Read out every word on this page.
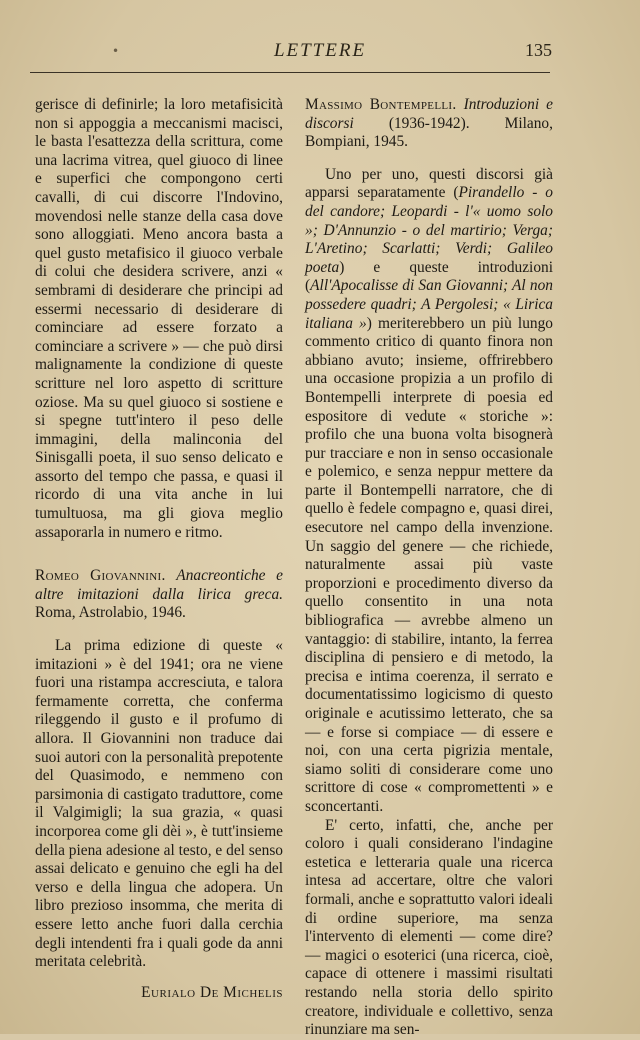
•	LETTERE	135

gerisce di definirle; la loro metafisicità non si appoggia a meccanismi macisci, le basta l'esattezza della scrittura, come una lacrima vitrea, quel giuoco di linee e superfici che compongono certi cavalli, di cui discorre l'Indovino, movendosi nelle stanze della casa dove sono alloggiati. Meno ancora basta a quel gusto metafisico il giuoco verbale di colui che desidera scrivere, anzi « sembrami di desiderare che principi ad essermi necessario di desiderare di cominciare ad essere forzato a cominciare a scrivere » — che può dirsi malignamente la condizione di queste scritture nel loro aspetto di scritture oziose. Ma su quel giuoco si sostiene e si spegne tutt'intero il peso delle immagini, della malinconia del Sinisgalli poeta, il suo senso delicato e assorto del tempo che passa, e quasi il ricordo di una vita anche in lui tumultuosa, ma gli giova meglio assaporarla in numero e ritmo.

Romeo Giovannini. Anacreontiche e altre imitazioni dalla lirica greca. Roma, Astrolabio, 1946.

La prima edizione di queste « imitazioni » è del 1941; ora ne viene fuori una ristampa accresciuta, e talora fermamente corretta, che conferma rileggendo il gusto e il profumo di allora. Il Giovannini non traduce dai suoi autori con la personalità prepotente del Quasimodo, e nemmeno con parsimonia di castigato traduttore, come il Valgimigli; la sua grazia, « quasi incorporea come gli dèi », è tutt'insieme della piena adesione al testo, e del senso assai delicato e genuino che egli ha del verso e della lingua che adopera. Un libro prezioso insomma, che merita di essere letto anche fuori dalla cerchia degli intendenti fra i quali gode da anni meritata celebrità.

Eurialo De Michelis

Massimo Bontempelli. Introduzioni e discorsi (1936-1942). Milano, Bompiani, 1945.

Uno per uno, questi discorsi già apparsi separatamente (Pirandello - o del candore; Leopardi - l'« uomo solo »; D'Annunzio - o del martirio; Verga; L'Aretino; Scarlatti; Verdi; Galileo poeta) e queste introduzioni (All'Apocalisse di San Giovanni; Al non possedere quadri; A Pergolesi; « Lirica italiana ») meriterebbero un più lungo commento critico di quanto finora non abbiano avuto; insieme, offrirebbero una occasione propizia a un profilo di Bontempelli interprete di poesia ed espositore di vedute « storiche »: profilo che una buona volta bisognerà pur tracciare e non in senso occasionale e polemico, e senza neppur mettere da parte il Bontempelli narratore, che di quello è fedele compagno e, quasi direi, esecutore nel campo della invenzione. Un saggio del genere — che richiede, naturalmente assai più vaste proporzioni e procedimento diverso da quello consentito in una nota bibliografica — avrebbe almeno un vantaggio: di stabilire, intanto, la ferrea disciplina di pensiero e di metodo, la precisa e intima coerenza, il serrato e documentatissimo logicismo di questo originale e acutissimo letterato, che sa — e forse si compiace — di essere e noi, con una certa pigrizia mentale, siamo soliti di considerare come uno scrittore di cose « compromettenti » e sconcertanti.

E' certo, infatti, che, anche per coloro i quali considerano l'indagine estetica e letteraria quale una ricerca intesa ad accertare, oltre che valori formali, anche e soprattutto valori ideali di ordine superiore, ma senza l'intervento di elementi — come dire? — magici o esoterici (una ricerca, cioè, capace di ottenere i massimi risultati restando nella storia dello spirito creatore, individuale e collettivo, senza rinunziare ma sen-
